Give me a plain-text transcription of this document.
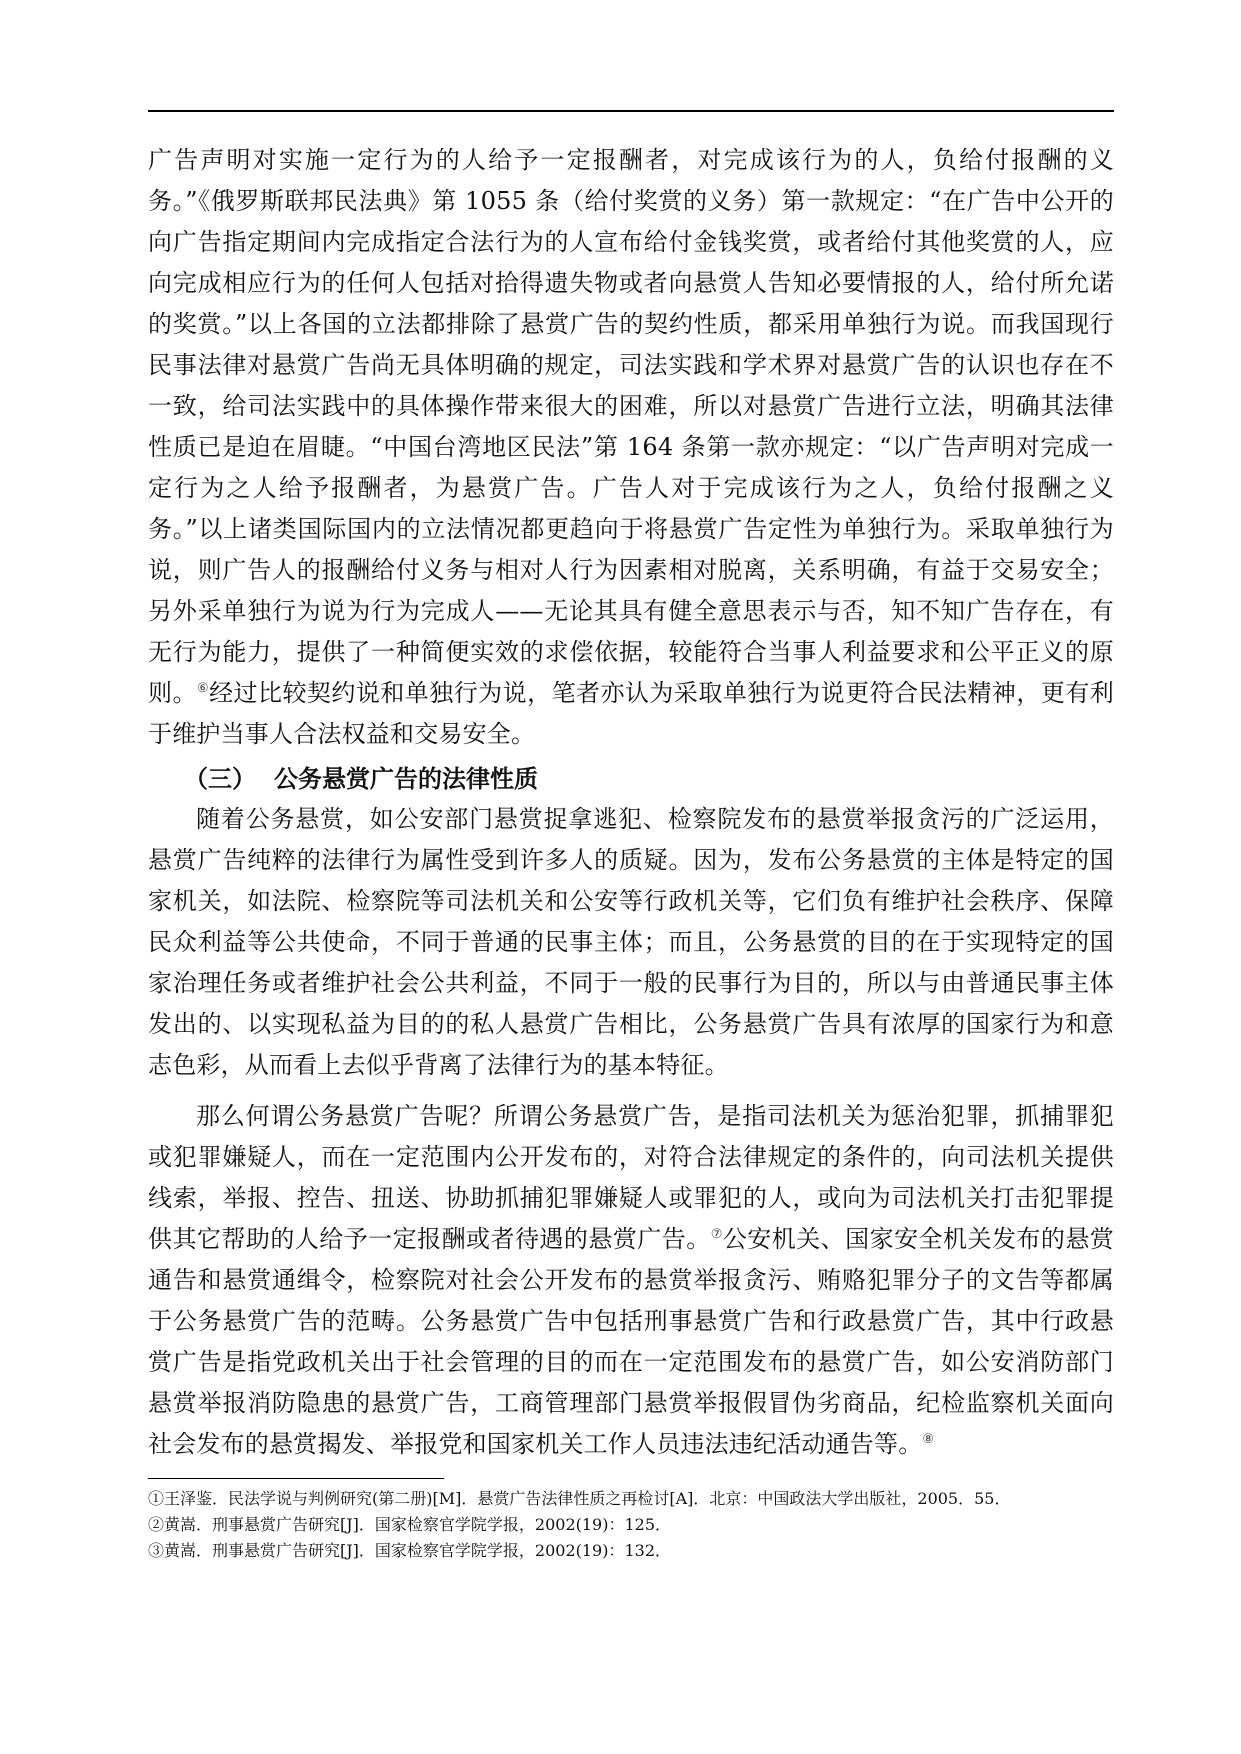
广告声明对实施一定行为的人给予一定报酬者，对完成该行为的人，负给付报酬的义务。”《俄罗斯联邦民法典》第 1055 条（给付奖赏的义务）第一款规定：“在广告中公开的向广告指定期间内完成指定合法行为的人宣布给付金钱奖赏，或者给付其他奖赏的人，应向完成相应行为的任何人包括对拾得遗失物或者向悬赏人告知必要情报的人，给付所允诺的奖赏。”以上各国的立法都排除了悬赏广告的契约性质，都采用单独行为说。而我国现行民事法律对悬赏广告尚无具体明确的规定，司法实践和学术界对悬赏广告的认识也存在不一致，给司法实践中的具体操作带来很大的困难，所以对悬赏广告进行立法，明确其法律性质已是迫在眉睫。“中国台湾地区民法”第 164 条第一款亦规定：“以广告声明对完成一定行为之人给予报酬者，为悬赏广告。广告人对于完成该行为之人，负给付报酬之义务。”以上诸类国际国内的立法情况都更趋向于将悬赏广告定性为单独行为。采取单独行为说，则广告人的报酬给付义务与相对人行为因素相对脱离，关系明确，有益于交易安全；另外采单独行为说为行为完成人——无论其具有健全意思表示与否，知不知广告存在，有无行为能力，提供了一种简便实效的求偿依据，较能符合当事人利益要求和公平正义的原则。⑥经过比较契约说和单独行为说，笔者亦认为采取单独行为说更符合民法精神，更有利于维护当事人合法权益和交易安全。

（三） 公务悬赏广告的法律性质

随着公务悬赏，如公安部门悬赏捉拿逃犯、检察院发布的悬赏举报贪污的广泛运用，悬赏广告纯粹的法律行为属性受到许多人的质疑。因为，发布公务悬赏的主体是特定的国家机关，如法院、检察院等司法机关和公安等行政机关等，它们负有维护社会秩序、保障民众利益等公共使命，不同于普通的民事主体；而且，公务悬赏的目的在于实现特定的国家治理任务或者维护社会公共利益，不同于一般的民事行为目的，所以与由普通民事主体发出的、以实现私益为目的的私人悬赏广告相比，公务悬赏广告具有浓厚的国家行为和意志色彩，从而看上去似乎背离了法律行为的基本特征。

那么何谓公务悬赏广告呢？所谓公务悬赏广告，是指司法机关为惩治犯罪，抓捕罪犯或犯罪嫌疑人，而在一定范围内公开发布的，对符合法律规定的条件的，向司法机关提供线索，举报、控告、扭送、协助抓捕犯罪嫌疑人或罪犯的人，或向为司法机关打击犯罪提供其它帮助的人给予一定报酬或者待遇的悬赏广告。⑦公安机关、国家安全机关发布的悬赏通告和悬赏通缉令，检察院对社会公开发布的悬赏举报贪污、贿赂犯罪分子的文告等都属于公务悬赏广告的范畴。公务悬赏广告中包括刑事悬赏广告和行政悬赏广告，其中行政悬赏广告是指党政机关出于社会管理的目的而在一定范围发布的悬赏广告，如公安消防部门悬赏举报消防隐患的悬赏广告，工商管理部门悬赏举报假冒伪劣商品，纪检监察机关面向社会发布的悬赏揭发、举报党和国家机关工作人员违法违纪活动通告等。⑧

①王泽鉴．民法学说与判例研究(第二册)[M]．悬赏广告法律性质之再检讨[A]．北京：中国政法大学出版社，2005．55．

②黄嵩．刑事悬赏广告研究[J]．国家检察官学院学报，2002(19)：125．

③黄嵩．刑事悬赏广告研究[J]．国家检察官学院学报，2002(19)：132．
